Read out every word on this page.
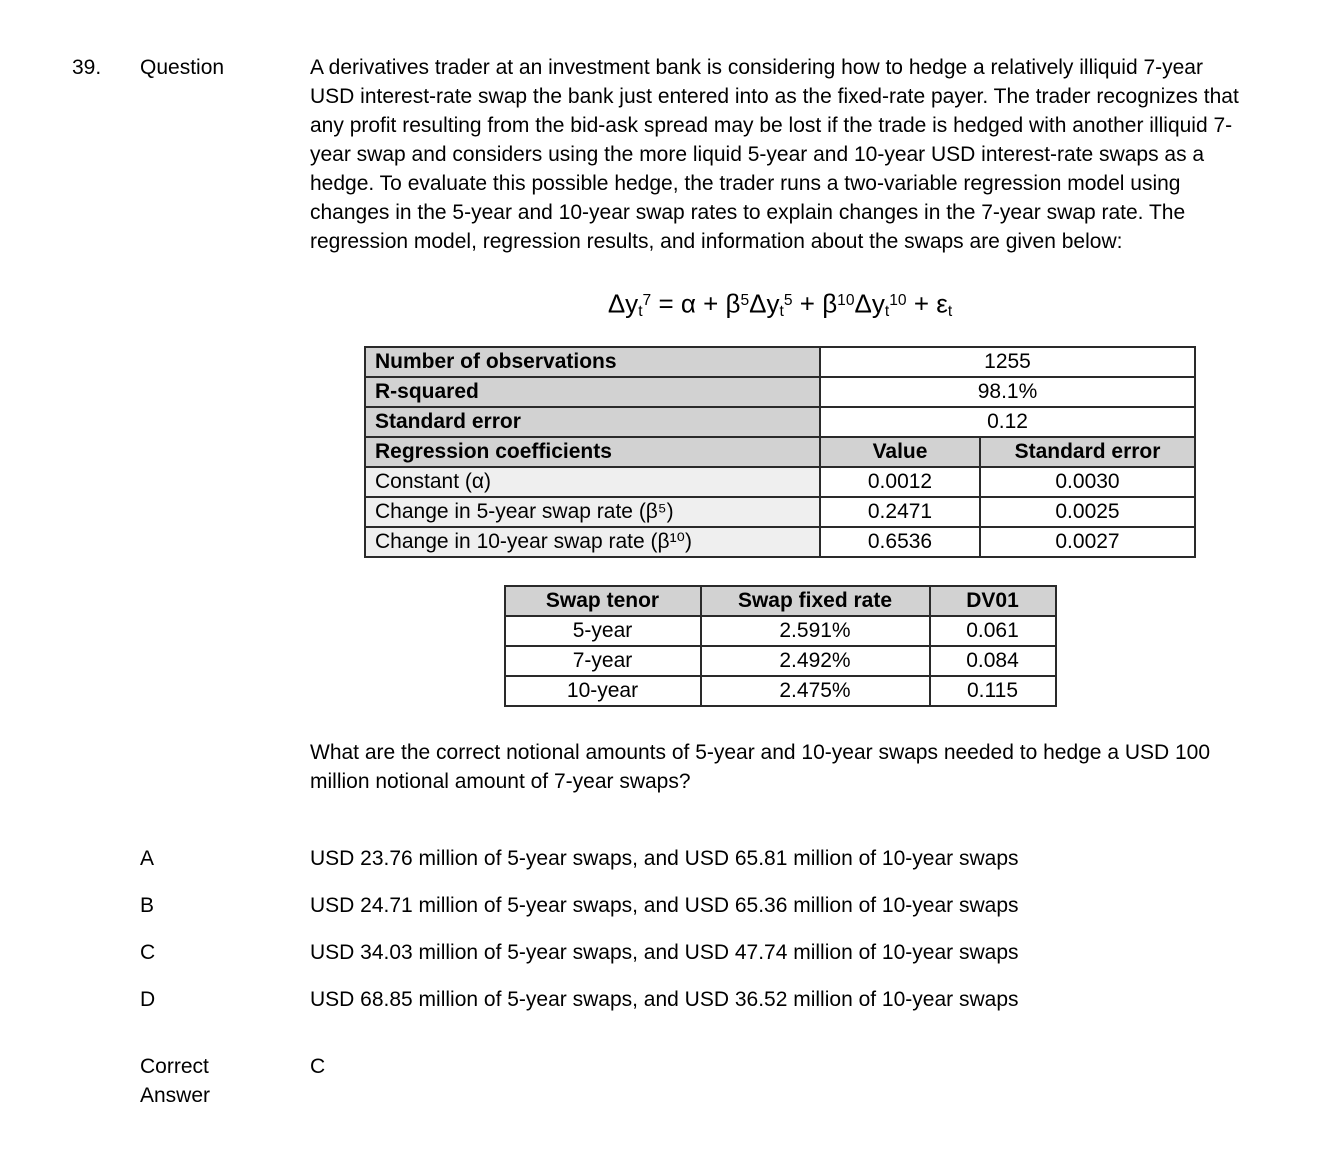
39.	Question	A derivatives trader at an investment bank is considering how to hedge a relatively illiquid 7-year USD interest-rate swap the bank just entered into as the fixed-rate payer. The trader recognizes that any profit resulting from the bid-ask spread may be lost if the trade is hedged with another illiquid 7-year swap and considers using the more liquid 5-year and 10-year USD interest-rate swaps as a hedge. To evaluate this possible hedge, the trader runs a two-variable regression model using changes in the 5-year and 10-year swap rates to explain changes in the 7-year swap rate. The regression model, regression results, and information about the swaps are given below:

$\Delta y_t^7 = \alpha + \beta^5\Delta y_t^5 + \beta^{10}\Delta y_t^{10} + \varepsilon_t$
Number of observations	1255	
R-squared	98.1%	
Standard error	0.12	
Regression coefficients	Value	Standard error
Constant (α)	0.0012	0.0030
Change in 5-year swap rate (β⁵)	0.2471	0.0025
Change in 10-year swap rate (β¹⁰)	0.6536	0.0027
Swap tenor	Swap fixed rate	DV01
5-year	2.591%	0.061
7-year	2.492%	0.084
10-year	2.475%	0.115

What are the correct notional amounts of 5-year and 10-year swaps needed to hedge a USD 100 million notional amount of 7-year swaps?

A	USD 23.76 million of 5-year swaps, and USD 65.81 million of 10-year swaps
B	USD 24.71 million of 5-year swaps, and USD 65.36 million of 10-year swaps
C	USD 34.03 million of 5-year swaps, and USD 47.74 million of 10-year swaps
D	USD 68.85 million of 5-year swaps, and USD 36.52 million of 10-year swaps
Correct Answer
C
